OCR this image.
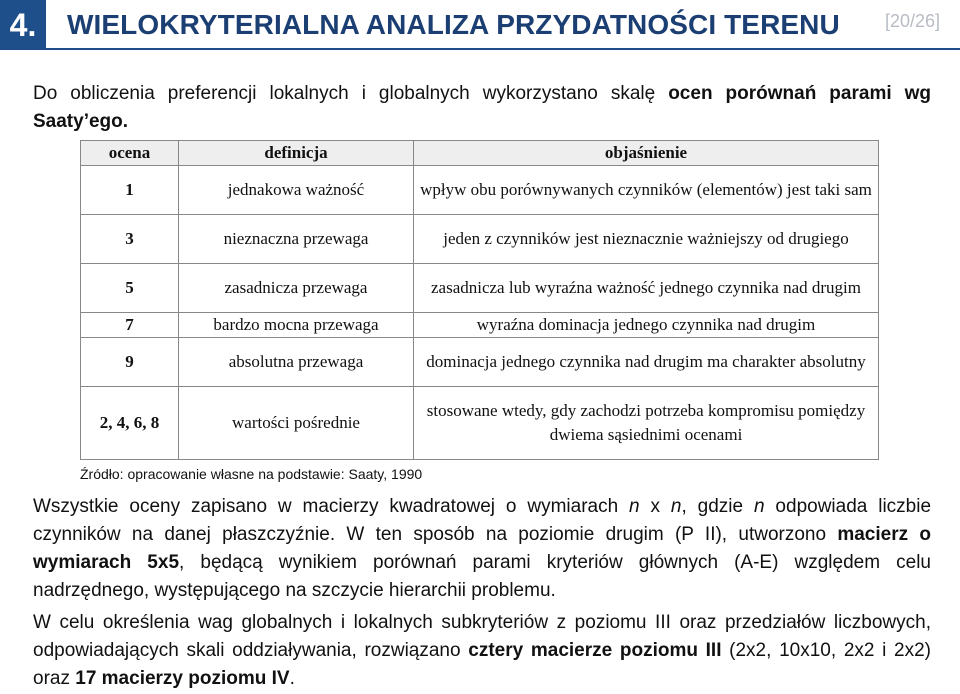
4.	WIELOKRYTERIALNA ANALIZA PRZYDATNOŚCI TERENU	[20/26]
Do obliczenia preferencji lokalnych i globalnych wykorzystano skalę ocen porównań parami wg Saaty’ego.
ocena	definicja	objaśnienie
1	jednakowa ważność	wpływ obu porównywanych czynników (elementów) jest taki sam
3	nieznaczna przewaga	jeden z czynników jest nieznacznie ważniejszy od drugiego
5	zasadnicza przewaga	zasadnicza lub wyraźna ważność jednego czynnika nad drugim
7	bardzo mocna przewaga	wyraźna dominacja jednego czynnika nad drugim
9	absolutna przewaga	dominacja jednego czynnika nad drugim ma charakter absolutny
2, 4, 6, 8	wartości pośrednie	stosowane wtedy, gdy zachodzi potrzeba kompromisu pomiędzy dwiema sąsiednimi ocenami
Źródło: opracowanie własne na podstawie: Saaty, 1990
Wszystkie oceny zapisano w macierzy kwadratowej o wymiarach n x n, gdzie n odpowiada liczbie czynników na danej płaszczyźnie. W ten sposób na poziomie drugim (P II), utworzono macierz o wymiarach 5x5, będącą wynikiem porównań parami kryteriów głównych (A-E) względem celu nadrzędnego, występującego na szczycie hierarchii problemu.
W celu określenia wag globalnych i lokalnych subkryteriów z poziomu III oraz przedziałów liczbowych, odpowiadających skali oddziaływania, rozwiązano cztery macierze poziomu III (2x2, 10x10, 2x2 i 2x2) oraz 17 macierzy poziomu IV.
